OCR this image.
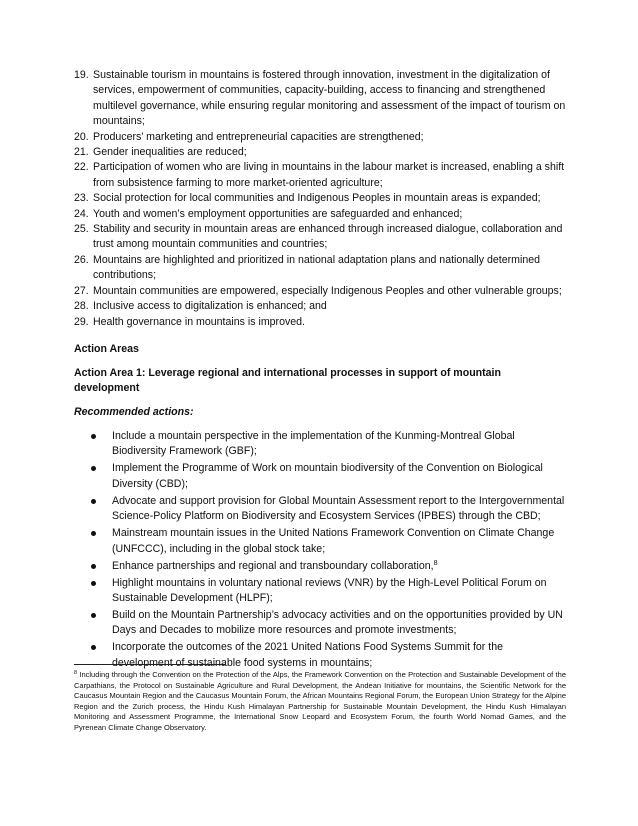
19. Sustainable tourism in mountains is fostered through innovation, investment in the digitalization of services, empowerment of communities, capacity-building, access to financing and strengthened multilevel governance, while ensuring regular monitoring and assessment of the impact of tourism on mountains;
20. Producers’ marketing and entrepreneurial capacities are strengthened;
21. Gender inequalities are reduced;
22. Participation of women who are living in mountains in the labour market is increased, enabling a shift from subsistence farming to more market-oriented agriculture;
23. Social protection for local communities and Indigenous Peoples in mountain areas is expanded;
24. Youth and women’s employment opportunities are safeguarded and enhanced;
25. Stability and security in mountain areas are enhanced through increased dialogue, collaboration and trust among mountain communities and countries;
26. Mountains are highlighted and prioritized in national adaptation plans and nationally determined contributions;
27. Mountain communities are empowered, especially Indigenous Peoples and other vulnerable groups;
28. Inclusive access to digitalization is enhanced; and
29. Health governance in mountains is improved.
Action Areas
Action Area 1: Leverage regional and international processes in support of mountain development
Recommended actions:
Include a mountain perspective in the implementation of the Kunming-Montreal Global Biodiversity Framework (GBF);
Implement the Programme of Work on mountain biodiversity of the Convention on Biological Diversity (CBD);
Advocate and support provision for Global Mountain Assessment report to the Intergovernmental Science-Policy Platform on Biodiversity and Ecosystem Services (IPBES) through the CBD;
Mainstream mountain issues in the United Nations Framework Convention on Climate Change (UNFCCC), including in the global stock take;
Enhance partnerships and regional and transboundary collaboration,$^8$
Highlight mountains in voluntary national reviews (VNR) by the High-Level Political Forum on Sustainable Development (HLPF);
Build on the Mountain Partnership’s advocacy activities and on the opportunities provided by UN Days and Decades to mobilize more resources and promote investments;
Incorporate the outcomes of the 2021 United Nations Food Systems Summit for the development of sustainable food systems in mountains;
$^8$ Including through the Convention on the Protection of the Alps, the Framework Convention on the Protection and Sustainable Development of the Carpathians, the Protocol on Sustainable Agriculture and Rural Development, the Andean Initiative for mountains, the Scientific Network for the Caucasus Mountain Region and the Caucasus Mountain Forum, the African Mountains Regional Forum, the European Union Strategy for the Alpine Region and the Zurich process, the Hindu Kush Himalayan Partnership for Sustainable Mountain Development, the Hindu Kush Himalayan Monitoring and Assessment Programme, the International Snow Leopard and Ecosystem Forum, the fourth World Nomad Games, and the Pyrenean Climate Change Observatory.
